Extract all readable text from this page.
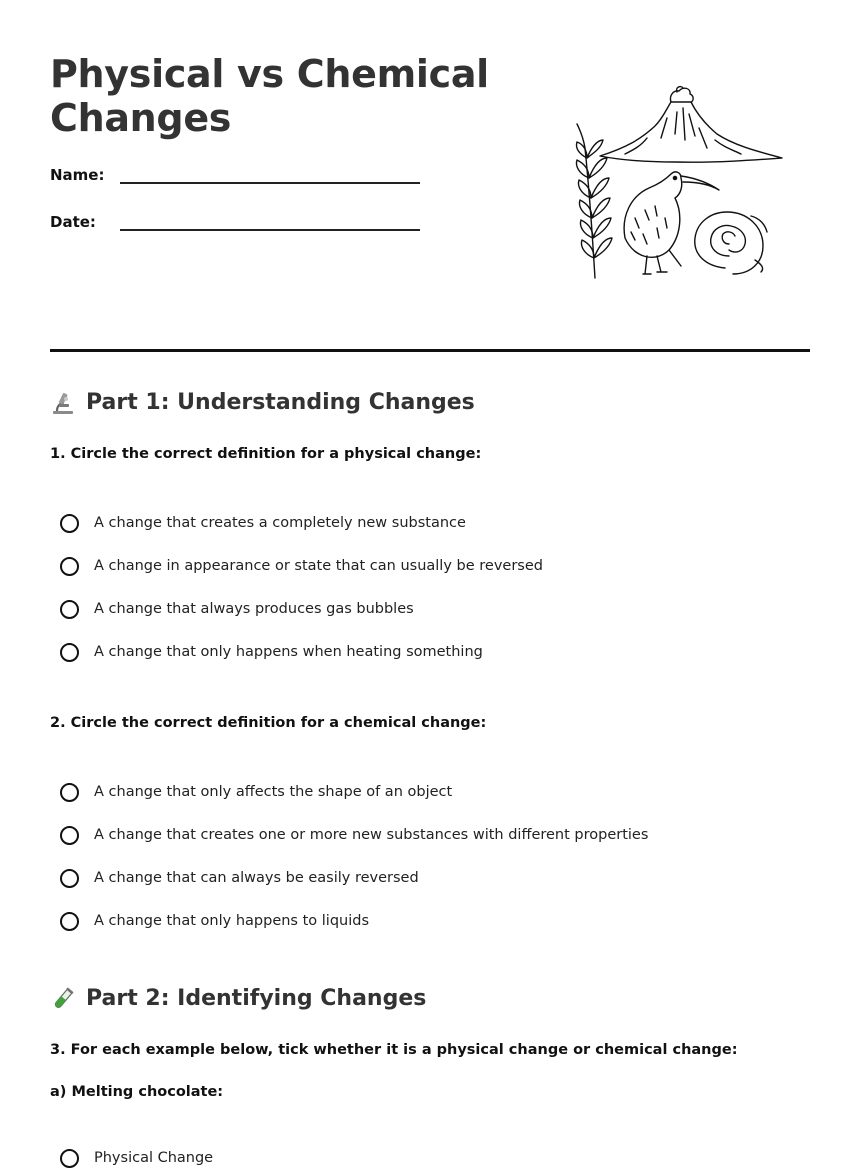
Physical vs Chemical
Changes
Name:
Date:
Part 1: Understanding Changes

1. Circle the correct definition for a physical change:

A change that creates a completely new substance
A change in appearance or state that can usually be reversed
A change that always produces gas bubbles
A change that only happens when heating something

2. Circle the correct definition for a chemical change:

A change that only affects the shape of an object
A change that creates one or more new substances with different properties
A change that can always be easily reversed
A change that only happens to liquids
Part 2: Identifying Changes

3. For each example below, tick whether it is a physical change or chemical change:

a) Melting chocolate:

Physical Change
